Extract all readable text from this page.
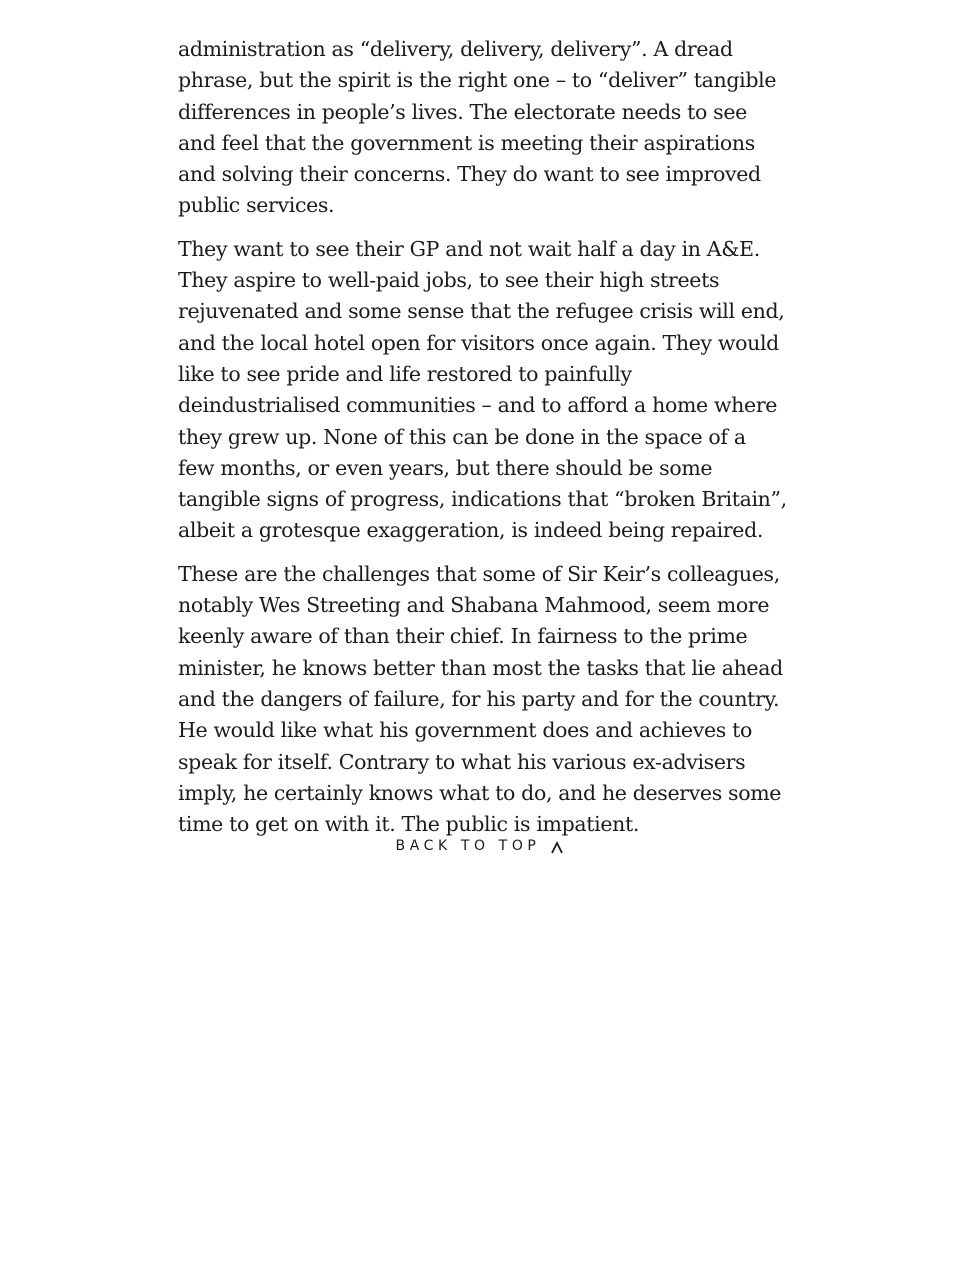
administration as “delivery, delivery, delivery”. A dread phrase, but the spirit is the right one – to “deliver” tangible differences in people’s lives. The electorate needs to see and feel that the government is meeting their aspirations and solving their concerns. They do want to see improved public services.

They want to see their GP and not wait half a day in A&E. They aspire to well-paid jobs, to see their high streets rejuvenated and some sense that the refugee crisis will end, and the local hotel open for visitors once again. They would like to see pride and life restored to painfully deindustrialised communities – and to afford a home where they grew up. None of this can be done in the space of a few months, or even years, but there should be some tangible signs of progress, indications that “broken Britain”, albeit a grotesque exaggeration, is indeed being repaired.

These are the challenges that some of Sir Keir’s colleagues, notably Wes Streeting and Shabana Mahmood, seem more keenly aware of than their chief. In fairness to the prime minister, he knows better than most the tasks that lie ahead and the dangers of failure, for his party and for the country. He would like what his government does and achieves to speak for itself. Contrary to what his various ex-advisers imply, he certainly knows what to do, and he deserves some time to get on with it. The public is impatient.

BACK TO TOP
